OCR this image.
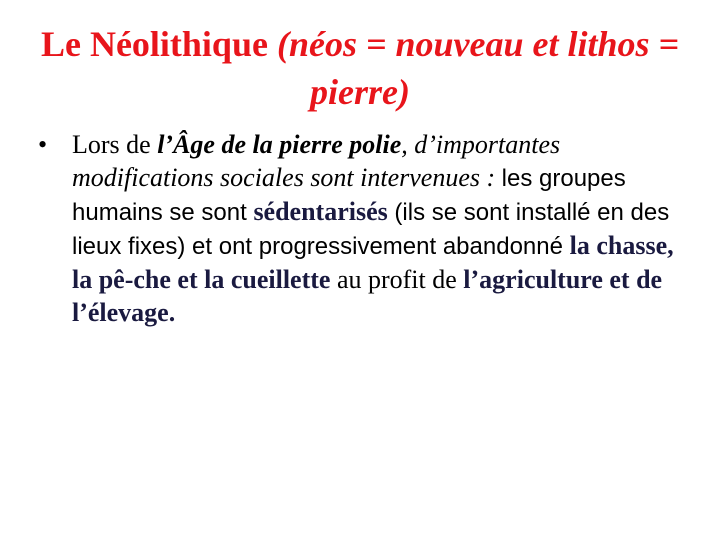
Le Néolithique (néos = nouveau et lithos = pierre)
• Lors de l’Âge de la pierre polie, d’importantes modifications sociales sont intervenues : les groupes humains se sont sédentarisés (ils se sont installé en des lieux fixes) et ont progressivement abandonné la chasse, la pê-che et la cueillette au profit de l’agriculture et de l’élevage.
